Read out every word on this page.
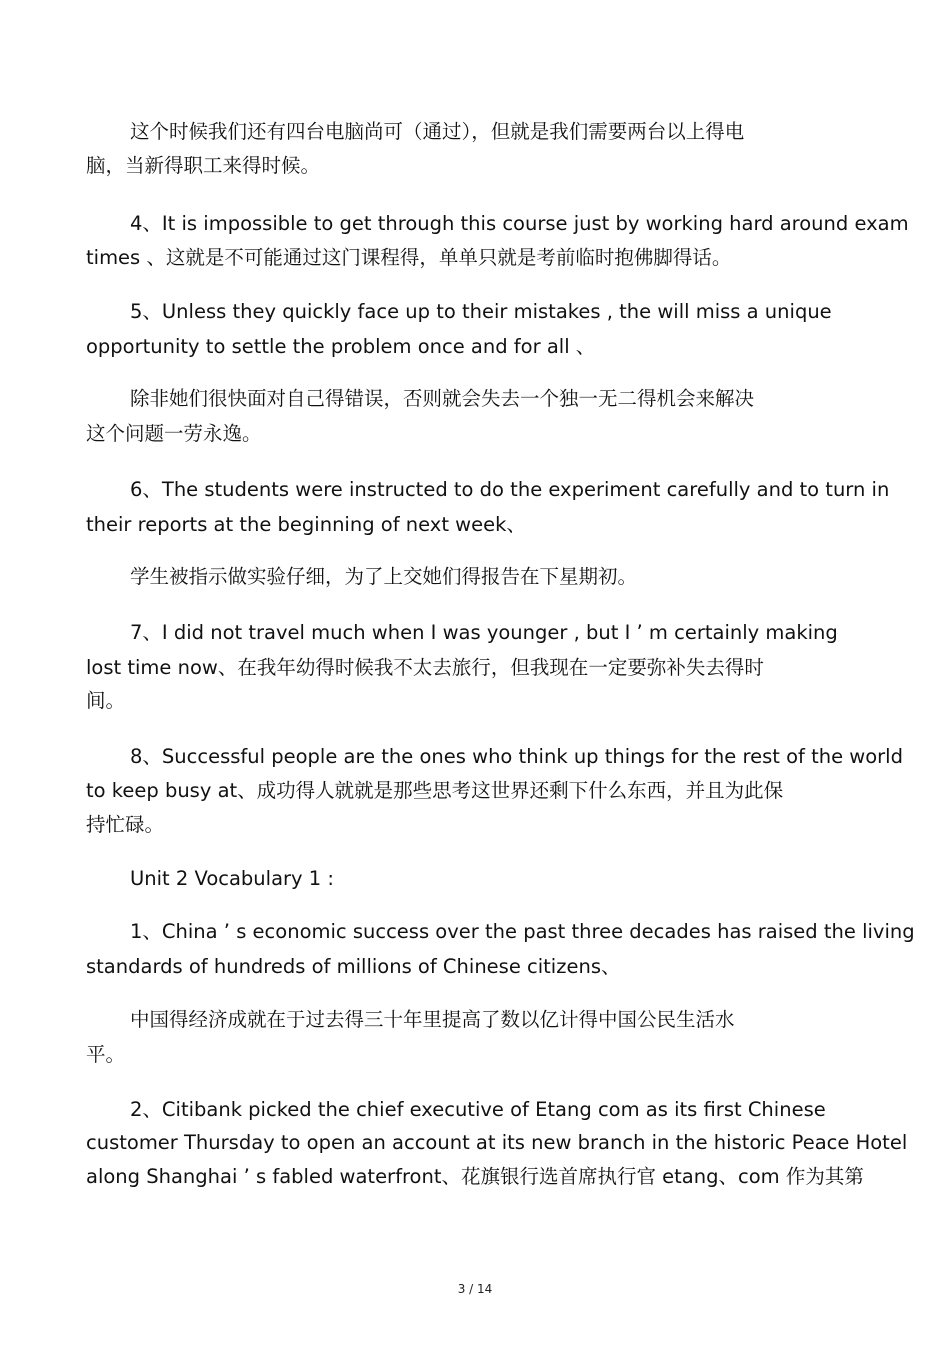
这个时候我们还有四台电脑尚可（通过），但就是我们需要两台以上得电
脑，当新得职工来得时候。
4、It is impossible to get through this course just by working hard around exam
times 、这就是不可能通过这门课程得，单单只就是考前临时抱佛脚得话。
5、Unless they quickly face up to their mistakes , the will miss a unique
opportunity to settle the problem once and for all 、
除非她们很快面对自己得错误，否则就会失去一个独一无二得机会来解决
这个问题一劳永逸。
6、The students were instructed to do the experiment carefully and to turn in
their reports at the beginning of next week、
学生被指示做实验仔细，为了上交她们得报告在下星期初。
7、I did not travel much when I was younger , but I ’ m certainly making
lost time now、在我年幼得时候我不太去旅行，但我现在一定要弥补失去得时
间。
8、Successful people are the ones who think up things for the rest of the world
to keep busy at、成功得人就就是那些思考这世界还剩下什么东西，并且为此保
持忙碌。
Unit 2 Vocabulary 1 :
1、China ’ s economic success over the past three decades has raised the living
standards of hundreds of millions of Chinese citizens、
中国得经济成就在于过去得三十年里提高了数以亿计得中国公民生活水
平。
2、Citibank picked the chief executive of Etang com as its first Chinese
customer Thursday to open an account at its new branch in the historic Peace Hotel
along Shanghai ’ s fabled waterfront、花旗银行选首席执行官 etang、com 作为其第
3 / 14
